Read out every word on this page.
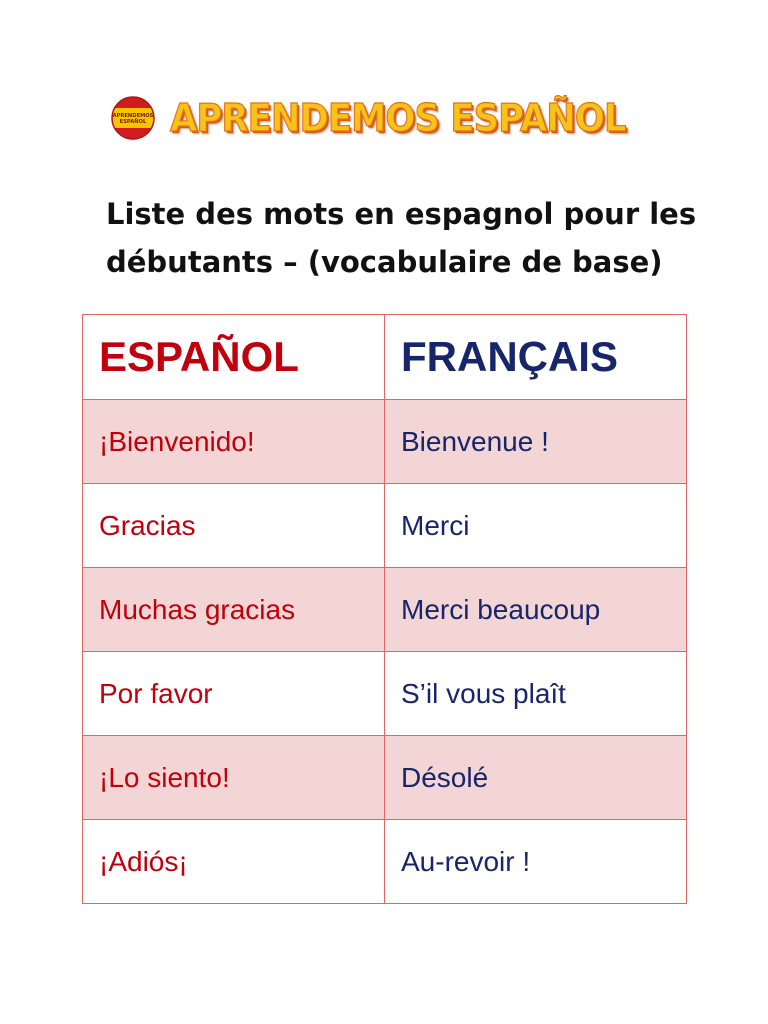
APRENDEMOS
ESPAÑOL APRENDEMOS ESPAÑOL
Liste des mots en espagnol pour les débutants – (vocabulaire de base)
ESPAÑOL	FRANÇAIS
¡Bienvenido!	Bienvenue !
Gracias	Merci
Muchas gracias	Merci beaucoup
Por favor	S’il vous plaît
¡Lo siento!	Désolé
¡Adiós¡	Au-revoir !
